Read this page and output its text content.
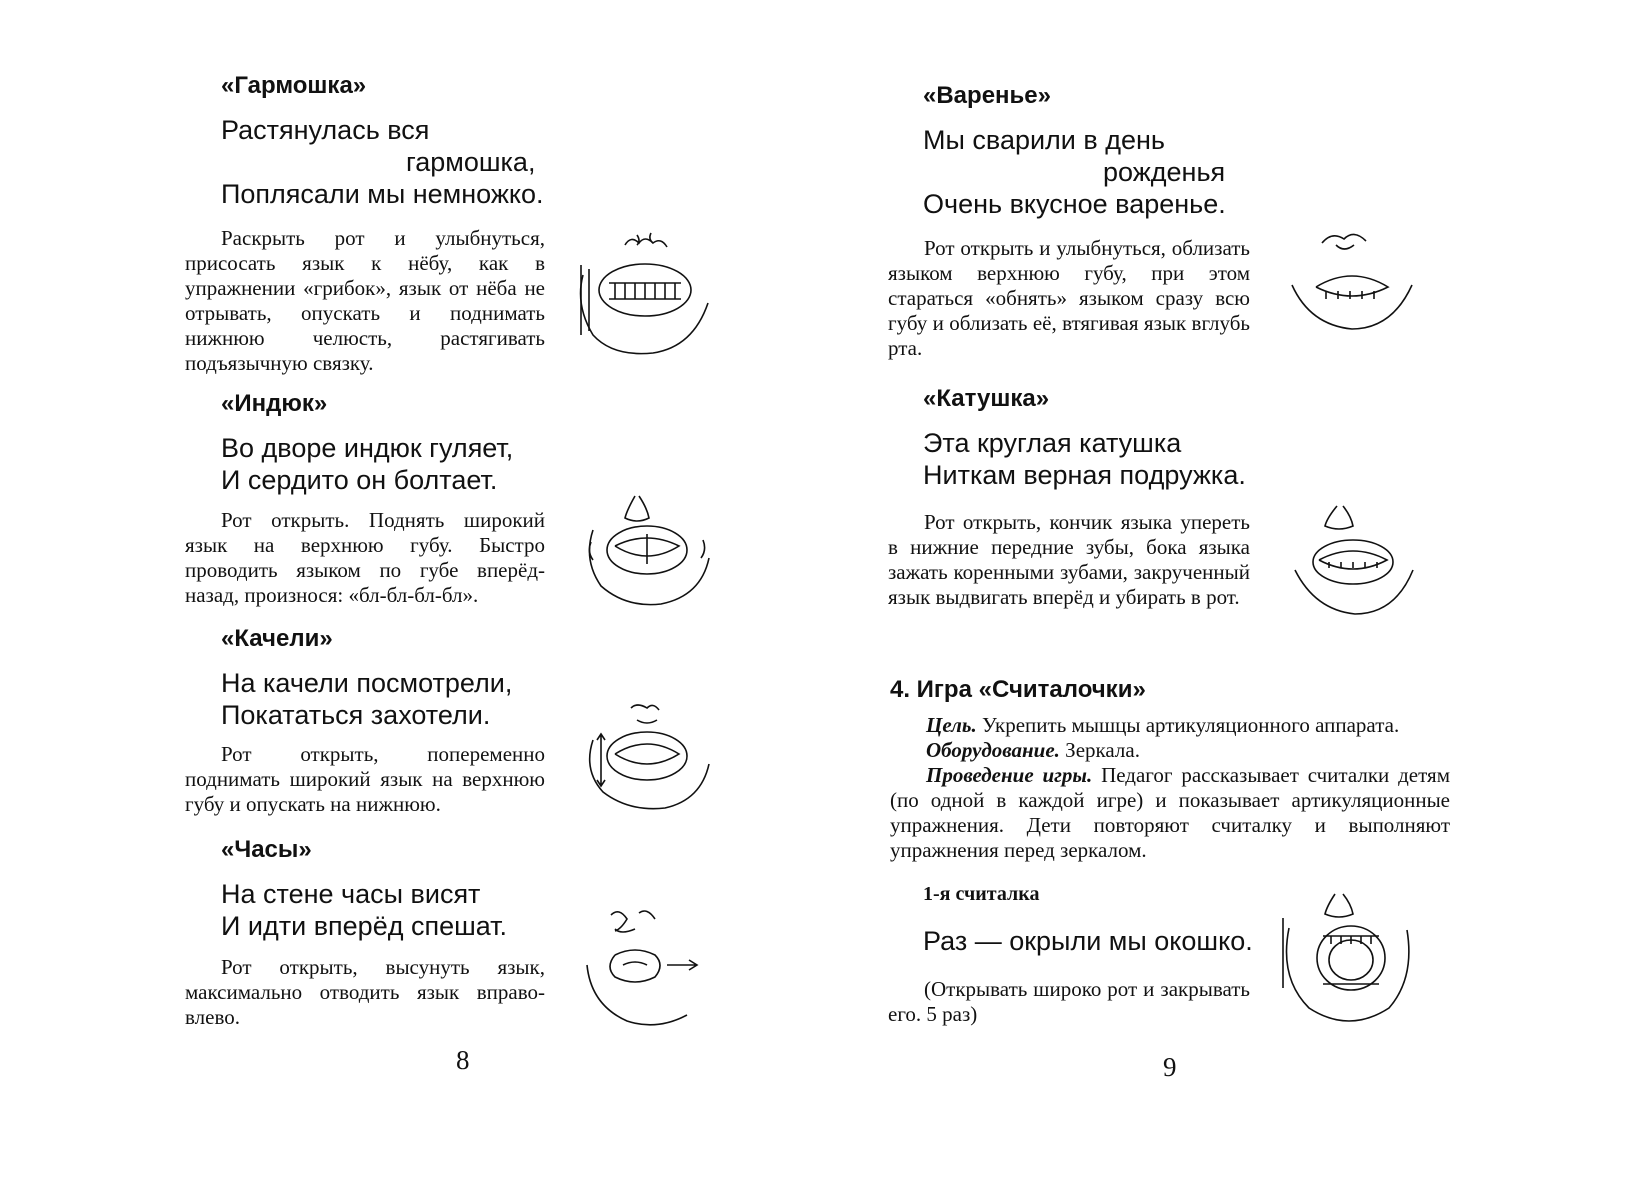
«Гармошка»
Растянулась вся
гармошка,
Поплясали мы немножко.

Раскрыть рот и улыбнуться, присосать язык к нёбу, как в упражнении «грибок», язык от нёба не отрывать, опускать и поднимать нижнюю челюсть, растягивать подъязычную связку.

«Индюк»
Во дворе индюк гуляет,
И сердито он болтает.

Рот открыть. Поднять широкий язык на верхнюю губу. Быстро проводить языком по губе вперёд-назад, произнося: «бл-бл-бл-бл».

«Качели»
На качели посмотрели,
Покататься захотели.

Рот открыть, попеременно поднимать широкий язык на верхнюю губу и опускать на нижнюю.

«Часы»
На стене часы висят
И идти вперёд спешат.

Рот открыть, высунуть язык, максимально отводить язык вправо-влево.

8
«Варенье»
Мы сварили в день
рожденья
Очень вкусное варенье.

Рот открыть и улыбнуться, облизать языком верхнюю губу, при этом стараться «обнять» языком сразу всю губу и облизать её, втягивая язык вглубь рта.

«Катушка»
Эта круглая катушка
Ниткам верная подружка.

Рот открыть, кончик языка упереть в нижние передние зубы, бока языка зажать коренными зубами, закрученный язык выдвигать вперёд и убирать в рот.

4. Игра «Считалочки»

Цель. Укрепить мышцы артикуляционного аппарата.

Оборудование. Зеркала.

Проведение игры. Педагог рассказывает считалки детям (по одной в каждой игре) и показывает артикуляционные упражнения. Дети повторяют считалку и выполняют упражнения перед зеркалом.

1-я считалка
Раз — окрыли мы окошко.

(Открывать широко рот и закрывать его. 5 раз)

9
